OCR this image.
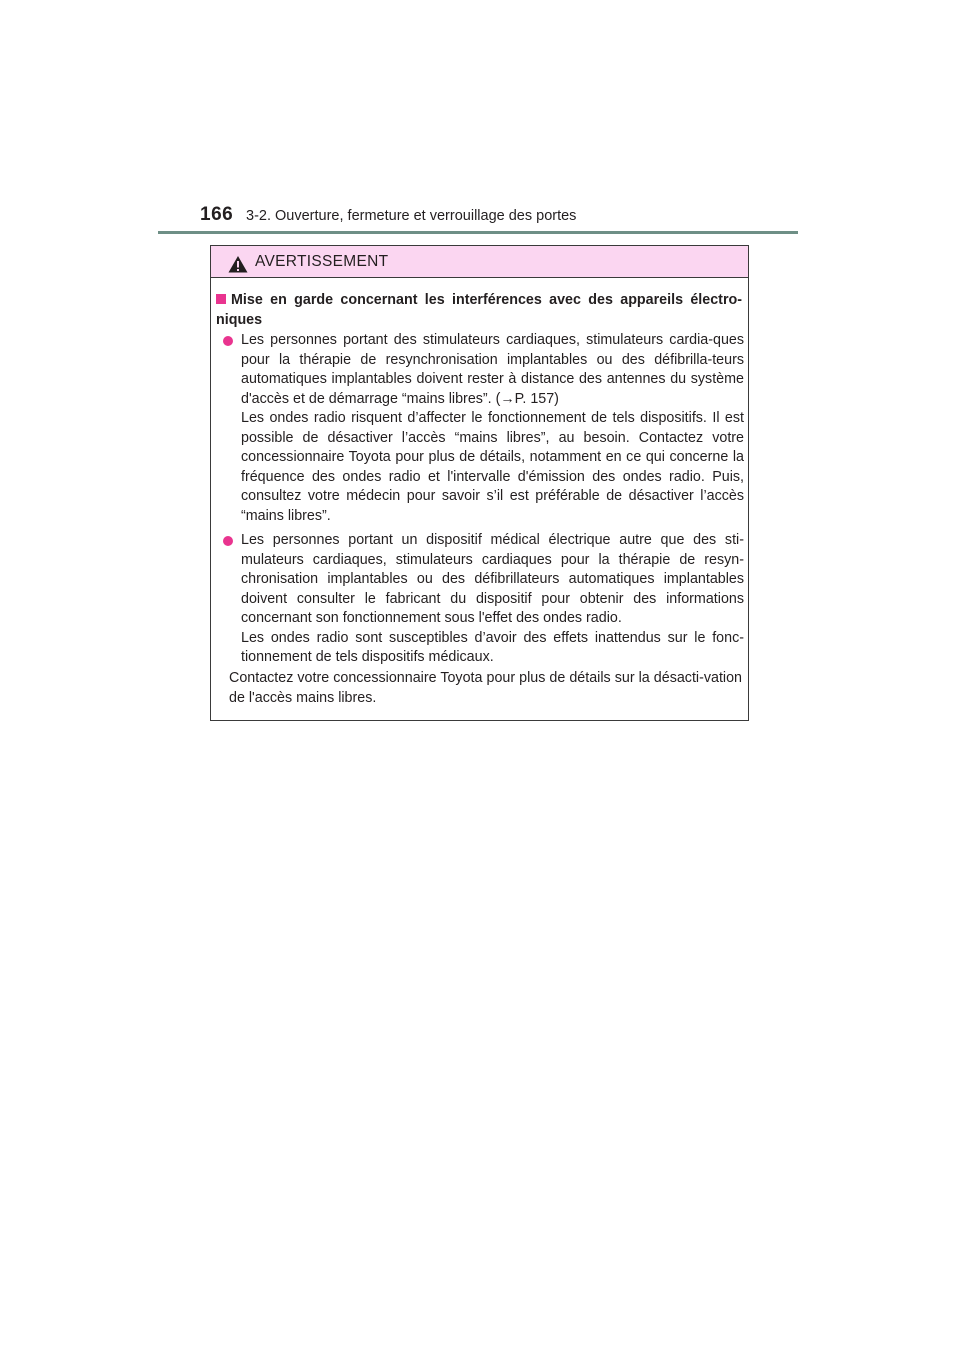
166 3-2. Ouverture, fermeture et verrouillage des portes
AVERTISSEMENT
Mise en garde concernant les interférences avec des appareils électro-niques

Les personnes portant des stimulateurs cardiaques, stimulateurs cardia-ques pour la thérapie de resynchronisation implantables ou des défibrilla-teurs automatiques implantables doivent rester à distance des antennes du système d'accès et de démarrage “mains libres”. (→P. 157)

Les ondes radio risquent d’affecter le fonctionnement de tels dispositifs. Il est possible de désactiver l’accès “mains libres”, au besoin. Contactez votre concessionnaire Toyota pour plus de détails, notamment en ce qui concerne la fréquence des ondes radio et l'intervalle d'émission des ondes radio. Puis, consultez votre médecin pour savoir s’il est préférable de désactiver l’accès “mains libres”.

Les personnes portant un dispositif médical électrique autre que des sti-mulateurs cardiaques, stimulateurs cardiaques pour la thérapie de resyn-chronisation implantables ou des défibrillateurs automatiques implantables doivent consulter le fabricant du dispositif pour obtenir des informations concernant son fonctionnement sous l'effet des ondes radio.

Les ondes radio sont susceptibles d’avoir des effets inattendus sur le fonc-tionnement de tels dispositifs médicaux.

Contactez votre concessionnaire Toyota pour plus de détails sur la désacti-vation de l'accès mains libres.
